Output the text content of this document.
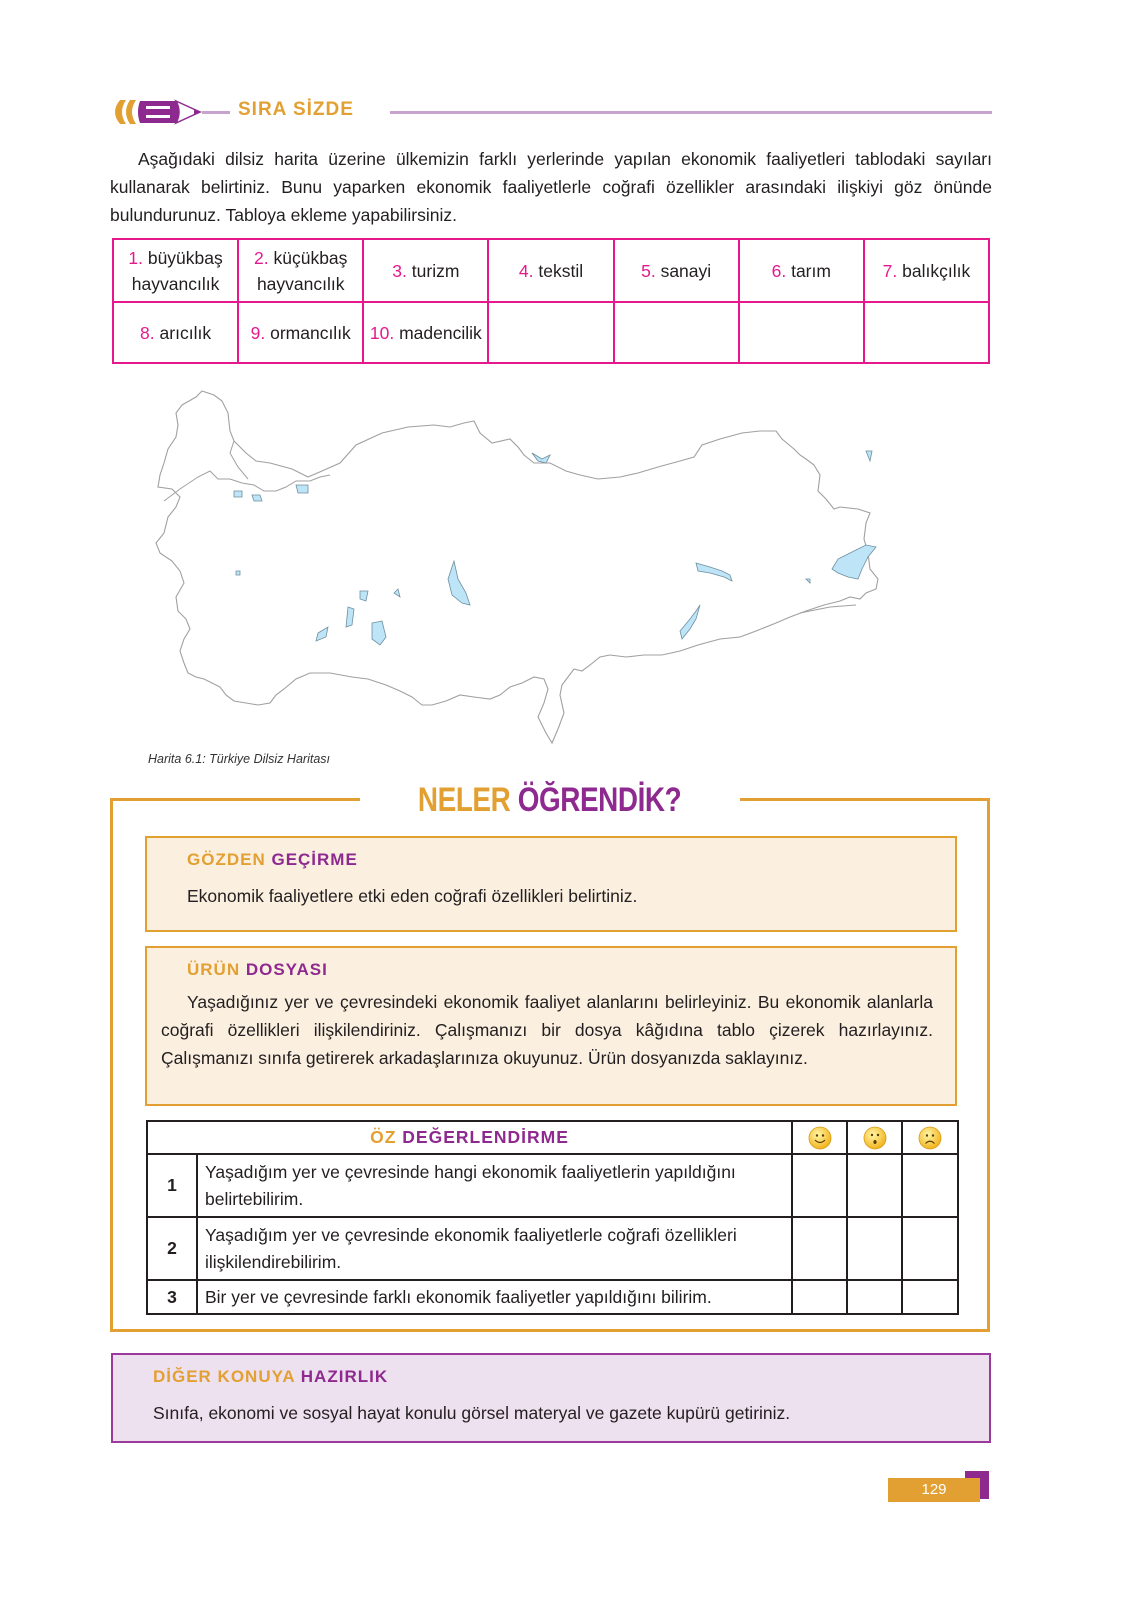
SIRA SİZDE

Aşağıdaki dilsiz harita üzerine ülkemizin farklı yerlerinde yapılan ekonomik faaliyetleri tablodaki sayıları kullanarak belirtiniz. Bunu yaparken ekonomik faaliyetlerle coğrafi özellikler arasındaki ilişkiyi göz önünde bulundurunuz. Tabloya ekleme yapabilirsiniz.

1. büyükbaş hayvancılık	2. küçükbaş hayvancılık	3. turizm	4. tekstil	5. sanayi	6. tarım	7. balıkçılık
8. arıcılık	9. ormancılık	10. madencilik				
Harita 6.1: Türkiye Dilsiz Haritası
NELER ÖĞRENDİK?
GÖZDEN GEÇİRME
Ekonomik faaliyetlere etki eden coğrafi özellikleri belirtiniz.
ÜRÜN DOSYASI
Yaşadığınız yer ve çevresindeki ekonomik faaliyet alanlarını belirleyiniz. Bu ekonomik alanlarla coğrafi özellikleri ilişkilendiriniz. Çalışmanızı bir dosya kâğıdına tablo çizerek hazırlayınız. Çalışmanızı sınıfa getirerek arkadaşlarınıza okuyunuz. Ürün dosyanızda saklayınız.
ÖZ DEĞERLENDİRME			
1	Yaşadığım yer ve çevresinde hangi ekonomik faaliyetlerin yapıldığını belirtebilirim.			
2	Yaşadığım yer ve çevresinde ekonomik faaliyetlerle coğrafi özellikleri ilişkilendirebilirim.			
3	Bir yer ve çevresinde farklı ekonomik faaliyetler yapıldığını bilirim.			
DİĞER KONUYA HAZIRLIK
Sınıfa, ekonomi ve sosyal hayat konulu görsel materyal ve gazete kupürü getiriniz.
129
